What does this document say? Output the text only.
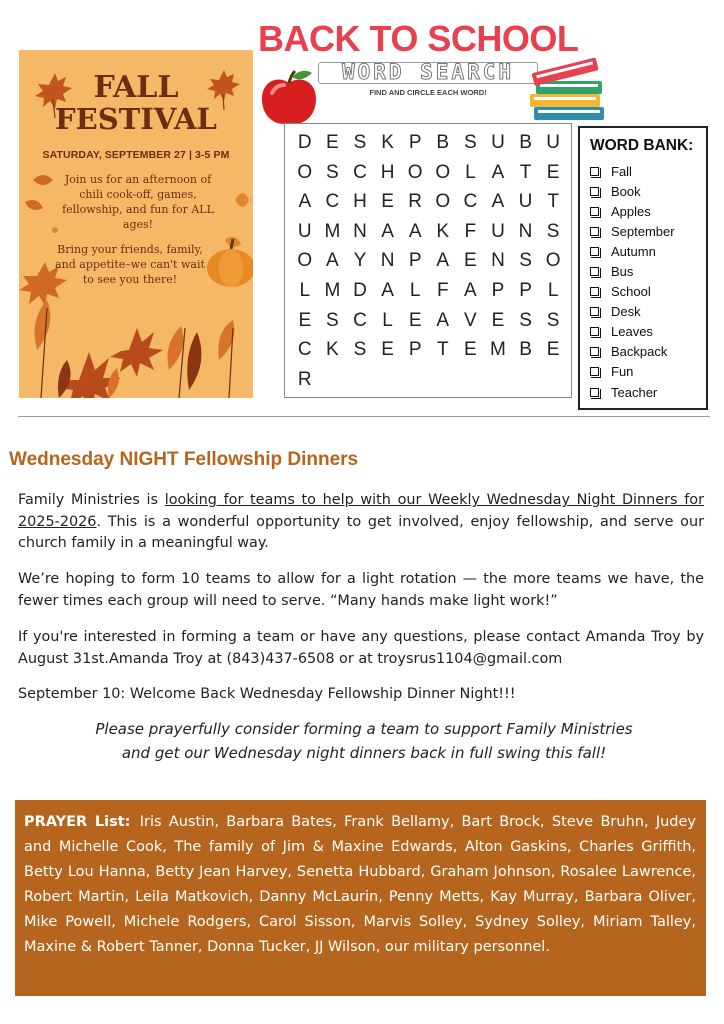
FALL
FESTIVAL
SATURDAY, SEPTEMBER 27 | 3-5 PM
Join us for an afternoon of chili cook-off, games, fellowship, and fun for ALL ages!
Bring your friends, family, and appetite–we can't wait to see you there!
BACK TO SCHOOL
WORD SEARCH
FIND AND CIRCLE EACH WORD!
D E S K P B S U B U
O S C H O O L A T E
A C H E R O C A U T
U M N A A K F U N S
O A Y N P A E N S O
L M D A L F A P P L
E S C L E A V E S S
C K S E P T E M B E
R
WORD BANK:
Fall
Book
Apples
September
Autumn
Bus
School
Desk
Leaves
Backpack
Fun
Teacher
Wednesday NIGHT Fellowship Dinners
Family Ministries is looking for teams to help with our Weekly Wednesday Night Dinners for 2025-2026. This is a wonderful opportunity to get involved, enjoy fellowship, and serve our church family in a meaningful way.
We’re hoping to form 10 teams to allow for a light rotation — the more teams we have, the fewer times each group will need to serve. “Many hands make light work!”
If you're interested in forming a team or have any questions, please contact Amanda Troy by August 31st.Amanda Troy at (843)437-6508 or at troysrus1104@gmail.com
September 10: Welcome Back Wednesday Fellowship Dinner Night!!!
Please prayerfully consider forming a team to support Family Ministries
and get our Wednesday night dinners back in full swing this fall!

PRAYER List: Iris Austin, Barbara Bates, Frank Bellamy, Bart Brock, Steve Bruhn, Judey and Michelle Cook, The family of Jim & Maxine Edwards, Alton Gaskins, Charles Griffith, Betty Lou Hanna, Betty Jean Harvey, Senetta Hubbard, Graham Johnson, Rosalee Lawrence, Robert Martin, Leila Matkovich, Danny McLaurin, Penny Metts, Kay Murray, Barbara Oliver, Mike Powell, Michele Rodgers, Carol Sisson, Marvis Solley, Sydney Solley, Miriam Talley, Maxine & Robert Tanner, Donna Tucker, JJ Wilson, our military personnel.
